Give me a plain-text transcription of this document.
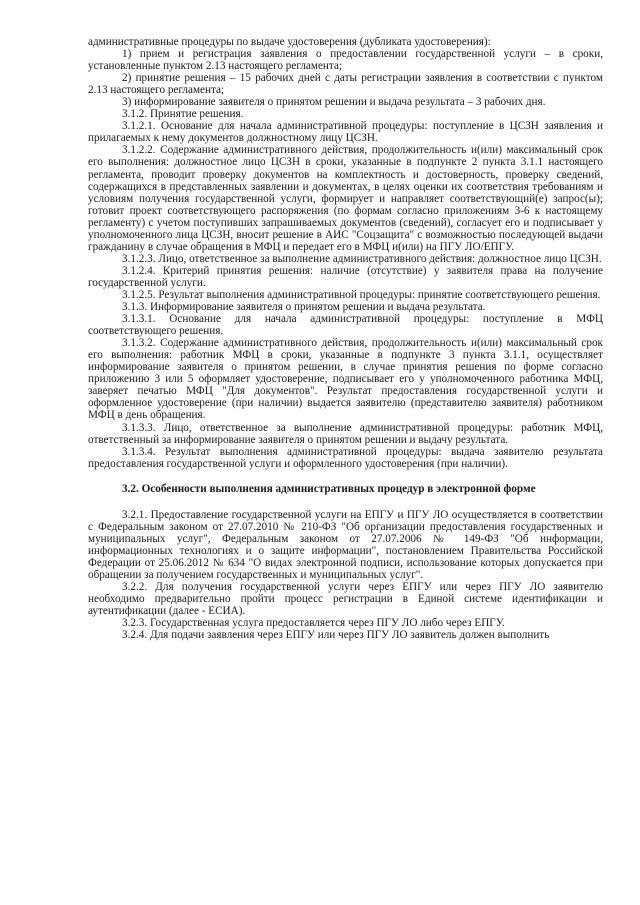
административные процедуры по выдаче удостоверения (дубликата удостоверения):

1) прием и регистрация заявления о предоставлении государственной услуги – в сроки, установленные пунктом 2.13 настоящего регламента;

2) принятие решения – 15 рабочих дней с даты регистрации заявления в соответствии с пунктом 2.13 настоящего регламента;

3) информирование заявителя о принятом решении и выдача результата – 3 рабочих дня.

3.1.2. Принятие решения.

3.1.2.1. Основание для начала административной процедуры: поступление в ЦСЗН заявления и прилагаемых к нему документов должностному лицу ЦСЗН.

3.1.2.2. Содержание административного действия, продолжительность и(или) максимальный срок его выполнения: должностное лицо ЦСЗН в сроки, указанные в подпункте 2 пункта 3.1.1 настоящего регламента, проводит проверку документов на комплектность и достоверность, проверку сведений, содержащихся в представленных заявлении и документах, в целях оценки их соответствия требованиям и условиям получения государственной услуги, формирует и направляет соответствующий(е) запрос(ы); готовит проект соответствующего распоряжения (по формам согласно приложениям 3-6 к настоящему регламенту) с учетом поступивших запрашиваемых документов (сведений), согласует его и подписывает у уполномоченного лица ЦСЗН, вносит решение в АИС "Соцзащита" с возможностью последующей выдачи гражданину в случае обращения в МФЦ и передает его в МФЦ и(или) на ПГУ ЛО/ЕПГУ.

3.1.2.3. Лицо, ответственное за выполнение административного действия: должностное лицо ЦСЗН.

3.1.2.4. Критерий принятия решения: наличие (отсутствие) у заявителя права на получение государственной услуги.

3.1.2.5. Результат выполнения административной процедуры: принятие соответствующего решения.

3.1.3. Информирование заявителя о принятом решении и выдача результата.

3.1.3.1. Основание для начала административной процедуры: поступление в МФЦ соответствующего решения.

3.1.3.2. Содержание административного действия, продолжительность и(или) максимальный срок его выполнения: работник МФЦ в сроки, указанные в подпункте 3 пункта 3.1.1, осуществляет информирование заявителя о принятом решении, в случае принятия решения по форме согласно приложению 3 или 5 оформляет удостоверение, подписывает его у уполномоченного работника МФЦ, заверяет печатью МФЦ "Для документов". Результат предоставления государственной услуги и оформленное удостоверение (при наличии) выдается заявителю (представителю заявителя) работником МФЦ в день обращения.

3.1.3.3. Лицо, ответственное за выполнение административной процедуры: работник МФЦ, ответственный за информирование заявителя о принятом решении и выдачу результата.

3.1.3.4. Результат выполнения административной процедуры: выдача заявителю результата предоставления государственной услуги и оформленного удостоверения (при наличии).

3.2. Особенности выполнения административных процедур в электронной форме

3.2.1. Предоставление государственной услуги на ЕПГУ и ПГУ ЛО осуществляется в соответствии с Федеральным законом от 27.07.2010 № 210-ФЗ "Об организации предоставления государственных и муниципальных услуг", Федеральным законом от 27.07.2006 № 149-ФЗ "Об информации, информационных технологиях и о защите информации", постановлением Правительства Российской Федерации от 25.06.2012 № 634 "О видах электронной подписи, использование которых допускается при обращении за получением государственных и муниципальных услуг".

3.2.2. Для получения государственной услуги через ЕПГУ или через ПГУ ЛО заявителю необходимо предварительно пройти процесс регистрации в Единой системе идентификации и аутентификации (далее - ЕСИА).

3.2.3. Государственная услуга предоставляется через ПГУ ЛО либо через ЕПГУ.

3.2.4. Для подачи заявления через ЕПГУ или через ПГУ ЛО заявитель должен выполнить
